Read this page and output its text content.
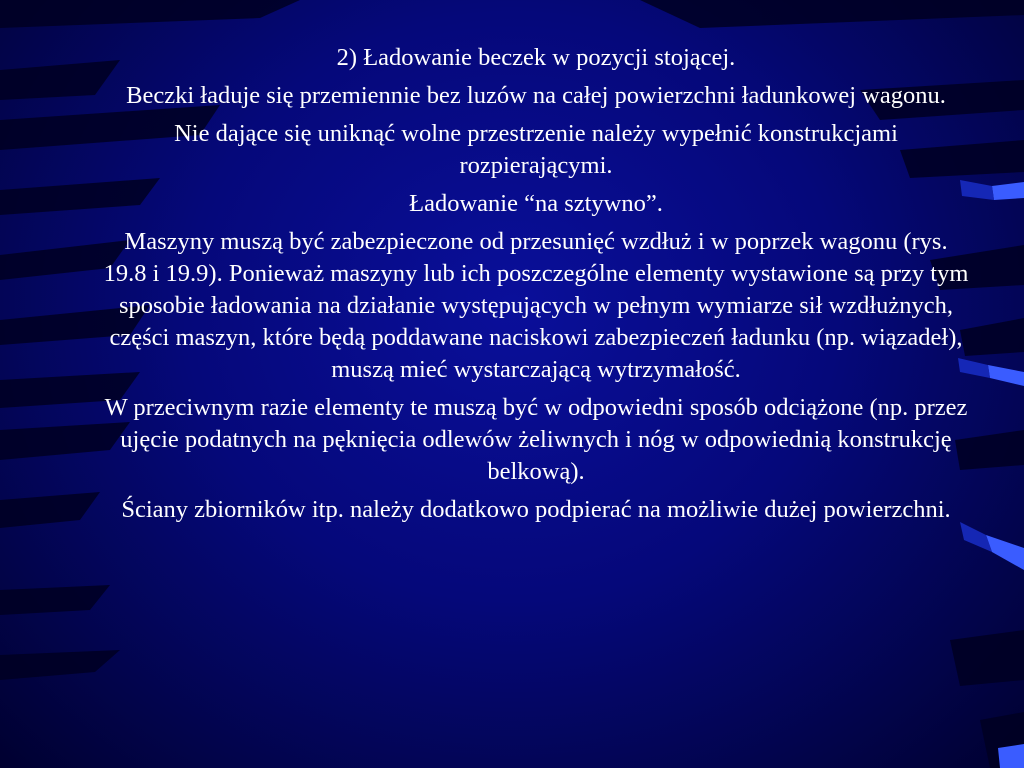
2) Ładowanie beczek w pozycji stojącej.

Beczki ładuje się przemiennie bez luzów na całej powierzchni ładunkowej wagonu.

Nie dające się uniknąć wolne przestrzenie należy wypełnić konstrukcjami rozpierającymi.

Ładowanie “na sztywno”.

Maszyny muszą być zabezpieczone od przesunięć wzdłuż i w poprzek wagonu (rys. 19.8 i 19.9). Ponieważ maszyny lub ich poszczególne elementy wystawione są przy tym sposobie ładowania na działanie występujących w pełnym wymiarze sił wzdłużnych, części maszyn, które będą poddawane naciskowi zabezpieczeń ładunku (np. wiązadeł), muszą mieć wystarczającą wytrzymałość.

W przeciwnym razie elementy te muszą być w odpowiedni sposób odciążone (np. przez ujęcie podatnych na pęknięcia odlewów żeliwnych i nóg w odpowiednią konstrukcję belkową).

Ściany zbiorników itp. należy dodatkowo podpierać na możliwie dużej powierzchni.
